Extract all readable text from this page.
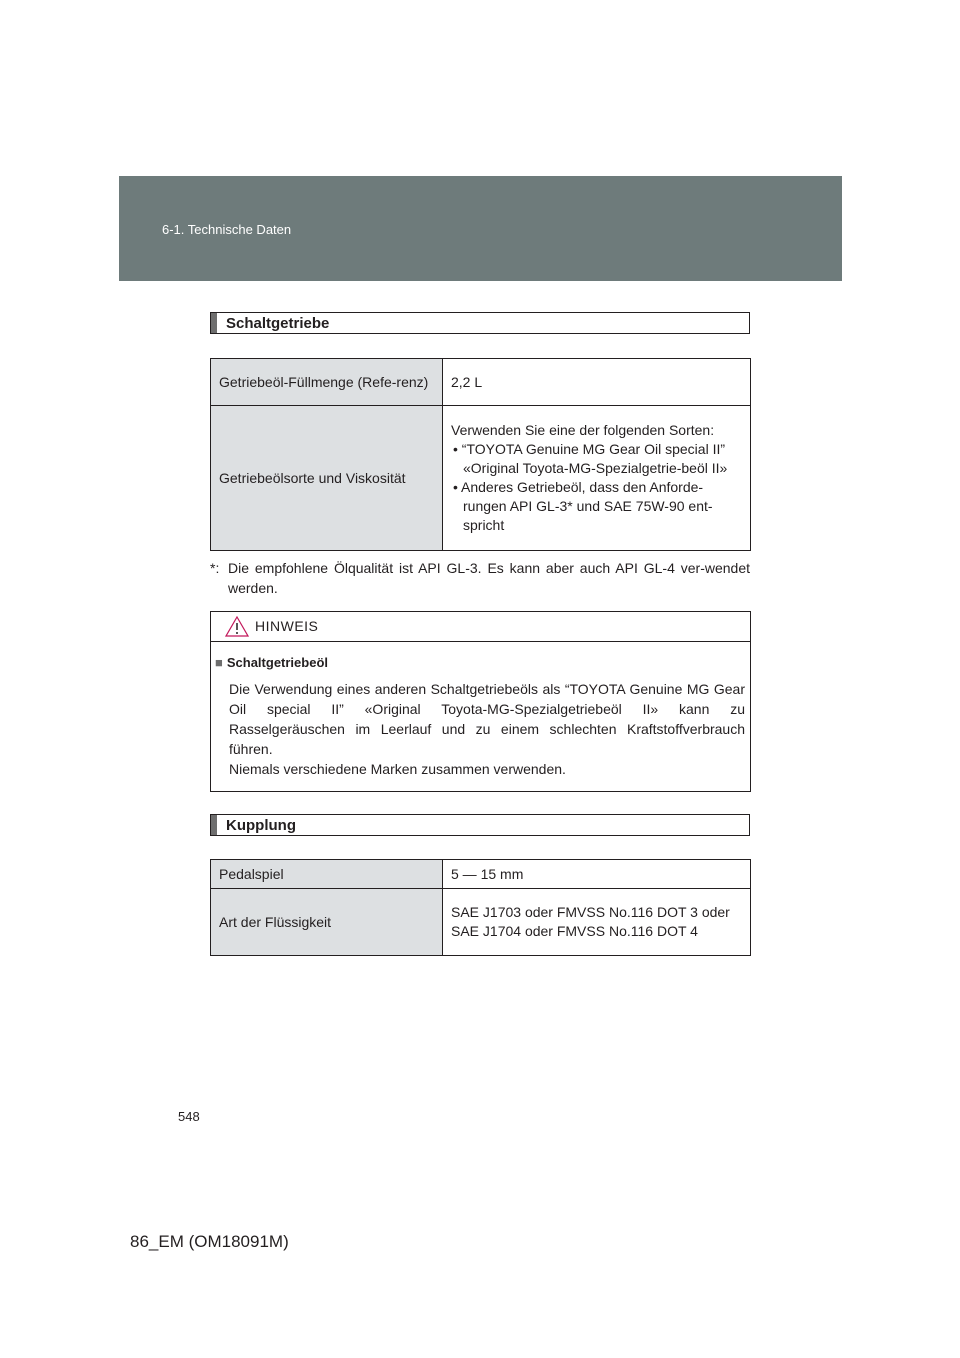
6-1. Technische Daten
Schaltgetriebe
Getriebeöl-Füllmenge (Refe-renz)	2,2 L
Getriebeölsorte und Viskosität	Verwenden Sie eine der folgenden Sorten:
• “TOYOTA Genuine MG Gear Oil special II” «Original Toyota-MG-Spezialgetrie-beöl II»
• Anderes Getriebeöl, dass den Anforde-rungen API GL-3* und SAE 75W-90 ent-spricht
*: Die empfohlene Ölqualität ist API GL-3. Es kann aber auch API GL-4 ver-wendet werden.
HINWEIS
■ Schaltgetriebeöl
Die Verwendung eines anderen Schaltgetriebeöls als “TOYOTA Genuine MG Gear Oil special II” «Original Toyota-MG-Spezialgetriebeöl II» kann zu Rasselgeräuschen im Leerlauf und zu einem schlechten Kraftstoffverbrauch führen.
Niemals verschiedene Marken zusammen verwenden.
Kupplung
Pedalspiel	5 — 15 mm
Art der Flüssigkeit	SAE J1703 oder FMVSS No.116 DOT 3 oder SAE J1704 oder FMVSS No.116 DOT 4
548
86_EM (OM18091M)
